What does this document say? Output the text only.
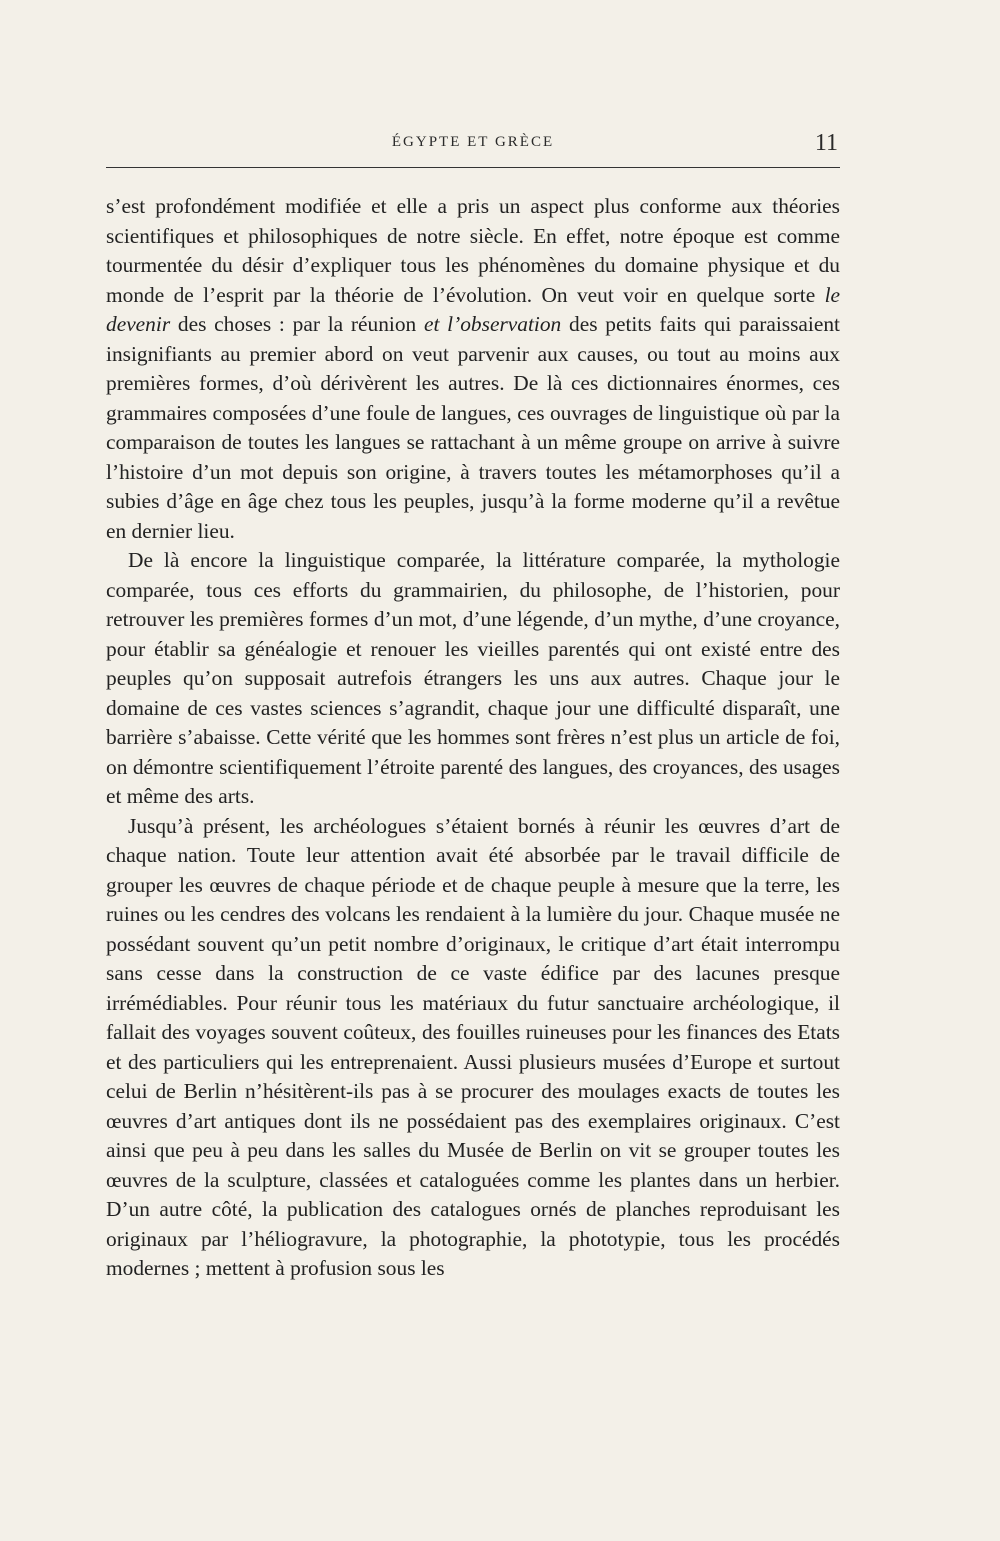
ÉGYPTE ET GRÈCE	11

s’est profondément modifiée et elle a pris un aspect plus conforme aux théories scientifiques et philosophiques de notre siècle. En effet, notre époque est comme tourmentée du désir d’expliquer tous les phénomènes du domaine physique et du monde de l’esprit par la théorie de l’évolution. On veut voir en quelque sorte le devenir des choses : par la réunion et l’observation des petits faits qui paraissaient insignifiants au premier abord on veut parvenir aux causes, ou tout au moins aux premières formes, d’où dérivèrent les autres. De là ces dictionnaires énormes, ces grammaires composées d’une foule de langues, ces ouvrages de linguistique où par la comparaison de toutes les langues se rattachant à un même groupe on arrive à suivre l’histoire d’un mot depuis son origine, à travers toutes les métamorphoses qu’il a subies d’âge en âge chez tous les peuples, jusqu’à la forme moderne qu’il a revêtue en dernier lieu.

De là encore la linguistique comparée, la littérature comparée, la mythologie comparée, tous ces efforts du grammairien, du philosophe, de l’historien, pour retrouver les premières formes d’un mot, d’une légende, d’un mythe, d’une croyance, pour établir sa généalogie et renouer les vieilles parentés qui ont existé entre des peuples qu’on supposait autrefois étrangers les uns aux autres. Chaque jour le domaine de ces vastes sciences s’agrandit, chaque jour une difficulté disparaît, une barrière s’abaisse. Cette vérité que les hommes sont frères n’est plus un article de foi, on démontre scientifiquement l’étroite parenté des langues, des croyances, des usages et même des arts.

Jusqu’à présent, les archéologues s’étaient bornés à réunir les œuvres d’art de chaque nation. Toute leur attention avait été absorbée par le travail difficile de grouper les œuvres de chaque période et de chaque peuple à mesure que la terre, les ruines ou les cendres des volcans les rendaient à la lumière du jour. Chaque musée ne possédant souvent qu’un petit nombre d’originaux, le critique d’art était interrompu sans cesse dans la construction de ce vaste édifice par des lacunes presque irrémédiables. Pour réunir tous les matériaux du futur sanctuaire archéologique, il fallait des voyages souvent coûteux, des fouilles ruineuses pour les finances des Etats et des particuliers qui les entreprenaient. Aussi plusieurs musées d’Europe et surtout celui de Berlin n’hésitèrent-ils pas à se procurer des moulages exacts de toutes les œuvres d’art antiques dont ils ne possédaient pas des exemplaires originaux. C’est ainsi que peu à peu dans les salles du Musée de Berlin on vit se grouper toutes les œuvres de la sculpture, classées et cataloguées comme les plantes dans un herbier. D’un autre côté, la publication des catalogues ornés de planches reproduisant les originaux par l’héliogravure, la photographie, la phototypie, tous les procédés modernes ; mettent à profusion sous les
